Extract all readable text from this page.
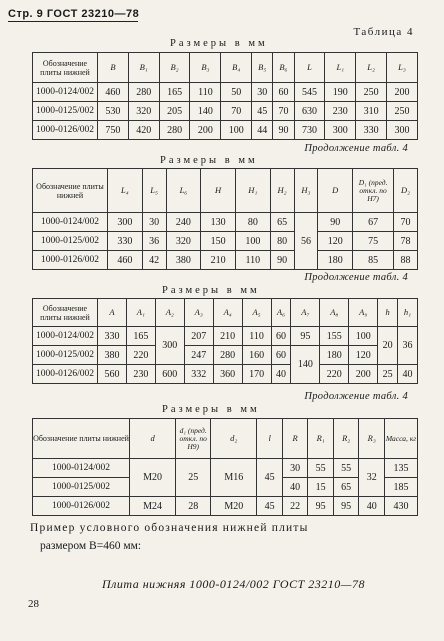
Стр. 9 ГОСТ 23210—78
Таблица 4
Размеры в мм
Обозначение плиты нижней	B	B₁	B₂	B₃	B₄	B₅	B₆	L	L₁	L₂	L₃
1000-0124/002	460	280	165	110	50	30	60	545	190	250	200
1000-0125/002	530	320	205	140	70	45	70	630	230	310	250
1000-0126/002	750	420	280	200	100	44	90	730	300	330	300
Продолжение табл. 4
Размеры в мм
Обозначение плиты нижней	L₄	L₅	L₆	H	H₁	H₂	H₃	D	D₁ (пред. откл. по H7)	D₂
1000-0124/002	300	30	240	130	80	65	56	90	67	70
1000-0125/002	330	36	320	150	100	80		120	75	78
1000-0126/002	460	42	380	210	110	90		180	85	88
Продолжение табл. 4
Размеры в мм
Обозначение плиты нижней	A	A₁	A₂	A₃	A₄	A₅	A₆	A₇	A₈	A₉	h	h₁
1000-0124/002	330	165	300	207	210	110	60	95	155	100	20	36
1000-0125/002	380	220		247	280	160	60	140	180	120		
1000-0126/002	560	230	600	332	360	170	40		220	200	25	40
Продолжение табл. 4
Размеры в мм
Обозначение плиты нижней	d	d₁ (пред. откл. по H9)	d₂	l	R	R₁	R₂	R₃	Масса, кг
1000-0124/002	M20	25	M16	45	30	55	55	32	135
1000-0125/002					40	15	65		185
1000-0126/002	M24	28	M20	45	22	95	95	40	430
Пример условного обозначения нижней плиты
размером B=460 мм:
Плита нижняя 1000-0124/002 ГОСТ 23210—78
28
